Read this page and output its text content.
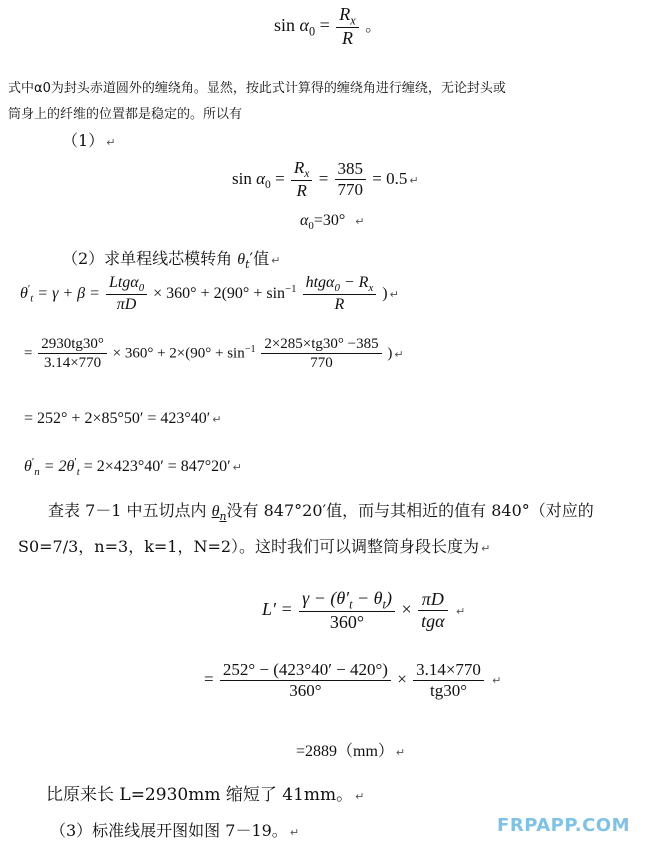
$\sin \alpha_0 = \frac{R_x}{R}$ 。
式中α0为封头赤道圆外的缠绕角。显然，按此式计算得的缠绕角进行缠绕，无论封头或
筒身上的纤维的位置都是稳定的。所以有
（1） ↵
$\sin \alpha_0 = \frac{R_x}{R} = \frac{385}{770} = 0.5$ ↵
$\alpha_0=30^\circ$ ↵
（2）求单程线芯模转角 $\theta_t'$值 ↵
$\theta'_t = \gamma + \beta = \frac{Ltg\alpha_0}{\pi D} \times 360^\circ + 2(90^\circ + \sin^{-1} \frac{htg\alpha_0 - R_x}{R}$ ) ↵
= $\frac{2930tg30^\circ}{3.14\times 770} \times 360^\circ + 2\times(90^\circ + \sin^{-1} \frac{2\times 285\times tg30^\circ -385}{770}$ ) ↵
= 252° + 2×85°50′ = 423°40′ ↵
$\theta'_n = 2\theta'_t = 2\times 423^\circ 40' = 847^\circ 20'$ ↵
查表 7－1 中五切点内 $\theta_n$没有 847°20′值，而与其相近的值有 840°（对应的
S0=7/3，n=3，k=1，N=2）。这时我们可以调整筒身段长度为 ↵
$L' = \frac{\gamma - (\theta'_t - \theta_t)}{360^\circ} \times \frac{\pi D}{\text{tgα}}$ ↵
= $\frac{252^\circ - (423^\circ 40' - 420^\circ)}{360^\circ} \times \frac{3.14\times 770}{tg30^\circ}$ ↵
=2889（mm） ↵
比原来长 L=2930mm 缩短了 41mm。 ↵
（3）标准线展开图如图 7－19。 ↵	FRPAPP.COM
